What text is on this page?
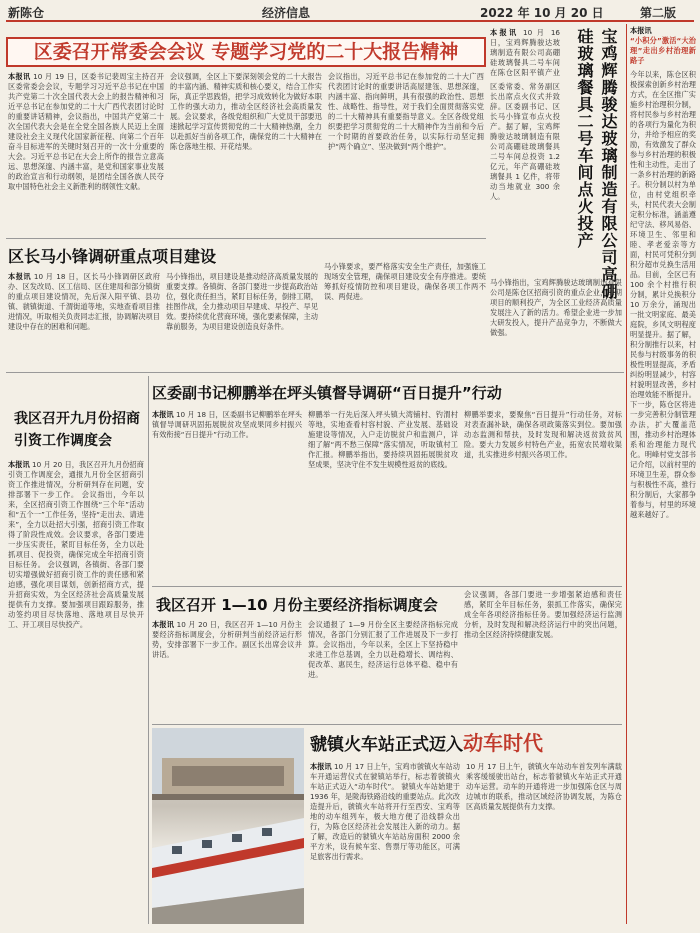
新陈仓	经济信息	2022 年 10 月 20 日	第二版
区委召开常委会会议 专题学习党的二十大报告精神
本报讯 10 月 19 日，区委书记裴周宝主持召开区委常委会会议，专题学习习近平总书记在中国共产党第二十次全国代表大会上的报告精神和习近平总书记在参加党的二十大广西代表团讨论时的重要讲话精神，会议指出，中国共产党第二十次全国代表大会是在全党全国各族人民迈上全面建设社会主义现代化国家新征程、向第二个百年奋斗目标进军的关键时刻召开的一次十分重要的大会。习近平总书记在大会上所作的报告立意高远、思想深邃、内涵丰富，是党和国家事业发展的政治宣言和行动纲领，是团结全国各族人民夺取中国特色社会主义新胜利的纲领性文献。
会议强调，全区上下要深刻领会党的二十大报告的丰富内涵、精神实质和核心要义，结合工作实际，真正学思践悟，把学习成效转化为做好本职工作的强大动力，推动全区经济社会高质量发展。会议要求，各级党组织和广大党员干部要迅速掀起学习宣传贯彻党的二十大精神热潮，全力以赴抓好当前各项工作，确保党的二十大精神在陈仓落地生根、开花结果。
会议指出，习近平总书记在参加党的二十大广西代表团讨论时的重要讲话高屋建瓴、思想深邃，内涵丰富、指向鲜明，具有很强的政治性、思想性、战略性、指导性，对于我们全面贯彻落实党的二十大精神具有重要指导意义。全区各级党组织要把学习贯彻党的二十大精神作为当前和今后一个时期的首要政治任务，以实际行动坚定拥护“两个确立”、坚决做到“两个维护”。
本报讯 10 月 16 日，宝鸡辉腾骏达玻璃制造有限公司高硼硅玻璃餐具二号车间在陈仓区阳平镇产业
区委常委、常务副区长出席点火仪式并致辞。区委副书记、区长马小锋宣布点火投产。据了解，宝鸡辉腾骏达玻璃制造有限公司高硼硅玻璃餐具二号车间总投资 1.2 亿元，年产高硼硅玻璃餐具 1 亿件，将带动当地就业 300 余人。	宝鸡辉腾骏达玻璃制造有限公司高硼硅玻璃餐具二号车间点火投产
马小锋指出，宝鸡辉腾骏达玻璃制造有限公司是陈仓区招商引资的重点企业，二期项目的顺利投产，为全区工业经济高质量发展注入了新的活力。希望企业进一步加大研发投入，提升产品竞争力，不断做大做强。
本报讯
“小积分”激活“大治理”走出乡村治理新路子
今年以来，陈仓区积极探索创新乡村治理方式，在全区推广实施乡村治理积分制，将村民参与乡村治理的各项行为量化为积分，并给予相应的奖励，有效激发了群众参与乡村治理的积极性和主动性，走出了一条乡村治理的新路子。积分制以村为单位，由村党组织牵头，村民代表大会制定积分标准，涵盖遵纪守法、移风易俗、环境卫生、邻里和睦、孝老爱亲等方面，村民可凭积分到积分超市兑换生活用品。目前，全区已有 100 余个村推行积分制，累计兑换积分 10 万余分，涌现出一批文明家庭、最美庭院，乡风文明程度明显提升。据了解，积分制推行以来，村民参与村级事务的积极性明显提高，矛盾纠纷明显减少，村容村貌明显改善，乡村治理效能不断提升。下一步，陈仓区将进一步完善积分制管理办法，扩大覆盖范围，推动乡村治理体系和治理能力现代化。明峰村党支部书记介绍，以前村里的环境卫生差，群众参与积极性不高，推行积分制后，大家都争着参与，村里的环境越来越好了。
区长马小锋调研重点项目建设
本报讯 10 月 18 日，区长马小锋调研区政府办、区发改局、区工信局、区住建局和部分镇街的重点项目建设情况，先后深入阳平镇、县功镇、虢镇街道、千渭街道等地，实地查看项目推进情况，听取相关负责同志汇报，协调解决项目建设中存在的困难和问题。
马小锋指出，项目建设是推动经济高质量发展的重要支撑。各镇街、各部门要进一步提高政治站位，强化责任担当，紧盯目标任务，倒排工期，挂图作战，全力推动项目早建成、早投产、早见效。要持续优化营商环境，强化要素保障，主动靠前服务，为项目建设创造良好条件。
马小锋要求，要严格落实安全生产责任，加强施工现场安全管理，确保项目建设安全有序推进。要统筹抓好疫情防控和项目建设，确保各项工作两不误、两促进。
我区召开九月份招商引资工作调度会
本报讯 10 月 20 日，我区召开九月份招商引资工作调度会，通报九月份全区招商引资工作推进情况，分析研判存在问题，安排部署下一步工作。 会议指出，今年以来，全区招商引资工作围绕“三个年”活动和“五个一”工作任务，坚持“走出去、请进来”，全力以赴招大引强，招商引资工作取得了阶段性成效。会议要求，各部门要进一步压实责任，紧盯目标任务，全力以赴抓项目、促投资，确保完成全年招商引资目标任务。 会议强调，各镇街、各部门要切实增强做好招商引资工作的责任感和紧迫感，强化项目谋划，创新招商方式，提升招商实效，为全区经济社会高质量发展提供有力支撑。要加强项目跟踪服务，推动签约项目尽快落地、落地项目尽快开工、开工项目尽快投产。
区委副书记柳鹏举在坪头镇督导调研“百日提升”行动
本报讯 10 月 18 日，区委副书记柳鹏举在坪头镇督导调研巩固拓展脱贫攻坚成果同乡村振兴有效衔接“百日提升”行动工作。
柳鹏举一行先后深入坪头镇大湾铺村、钓渭村等地，实地查看村容村貌、产业发展、基础设施建设等情况，入户走访脱贫户和监测户，详细了解“两不愁三保障”落实情况，听取镇村工作汇报。柳鹏举指出，要持续巩固拓展脱贫攻坚成果，坚决守住不发生规模性返贫的底线。
柳鹏举要求，要聚焦“百日提升”行动任务，对标对表查漏补缺，确保各项政策落实到位。要加强动态监测和帮扶，及时发现和解决返贫致贫风险。要大力发展乡村特色产业，拓宽农民增收渠道，扎实推进乡村振兴各项工作。
我区召开 1—10 月份主要经济指标调度会
本报讯 10 月 20 日，我区召开 1—10 月份主要经济指标调度会，分析研判当前经济运行形势，安排部署下一步工作。副区长出席会议并讲话。
会议通报了 1—9 月份全区主要经济指标完成情况，各部门分别汇报了工作进展及下一步打算。会议指出，今年以来，全区上下坚持稳中求进工作总基调，全力以赴稳增长、调结构、促改革、惠民生，经济运行总体平稳、稳中有进。
会议强调，各部门要进一步增强紧迫感和责任感，紧盯全年目标任务，狠抓工作落实，确保完成全年各项经济指标任务。要加强经济运行监测分析，及时发现和解决经济运行中的突出问题，推动全区经济持续健康发展。
虢镇火车站正式迈入动车时代
本报讯 10 月 17 日上午，宝鸡市虢镇火车站动车开通运营仪式在虢镇站举行，标志着虢镇火车站正式迈入“动车时代”。 虢镇火车站始建于 1936 年，是陇海铁路沿线的重要站点。此次改造提升后，虢镇火车站将开行至西安、宝鸡等地的动车组列车，极大地方便了沿线群众出行，为陈仓区经济社会发展注入新的动力。据了解，改造后的虢镇火车站站房面积 2000 余平方米，设有候车室、售票厅等功能区，可满足旅客出行需求。
10 月 17 日上午，虢镇火车站动车首发列车满载乘客缓缓驶出站台，标志着虢镇火车站正式开通动车运营。动车的开通将进一步加强陈仓区与周边城市的联系，推动区域经济协调发展，为陈仓区高质量发展提供有力支撑。
